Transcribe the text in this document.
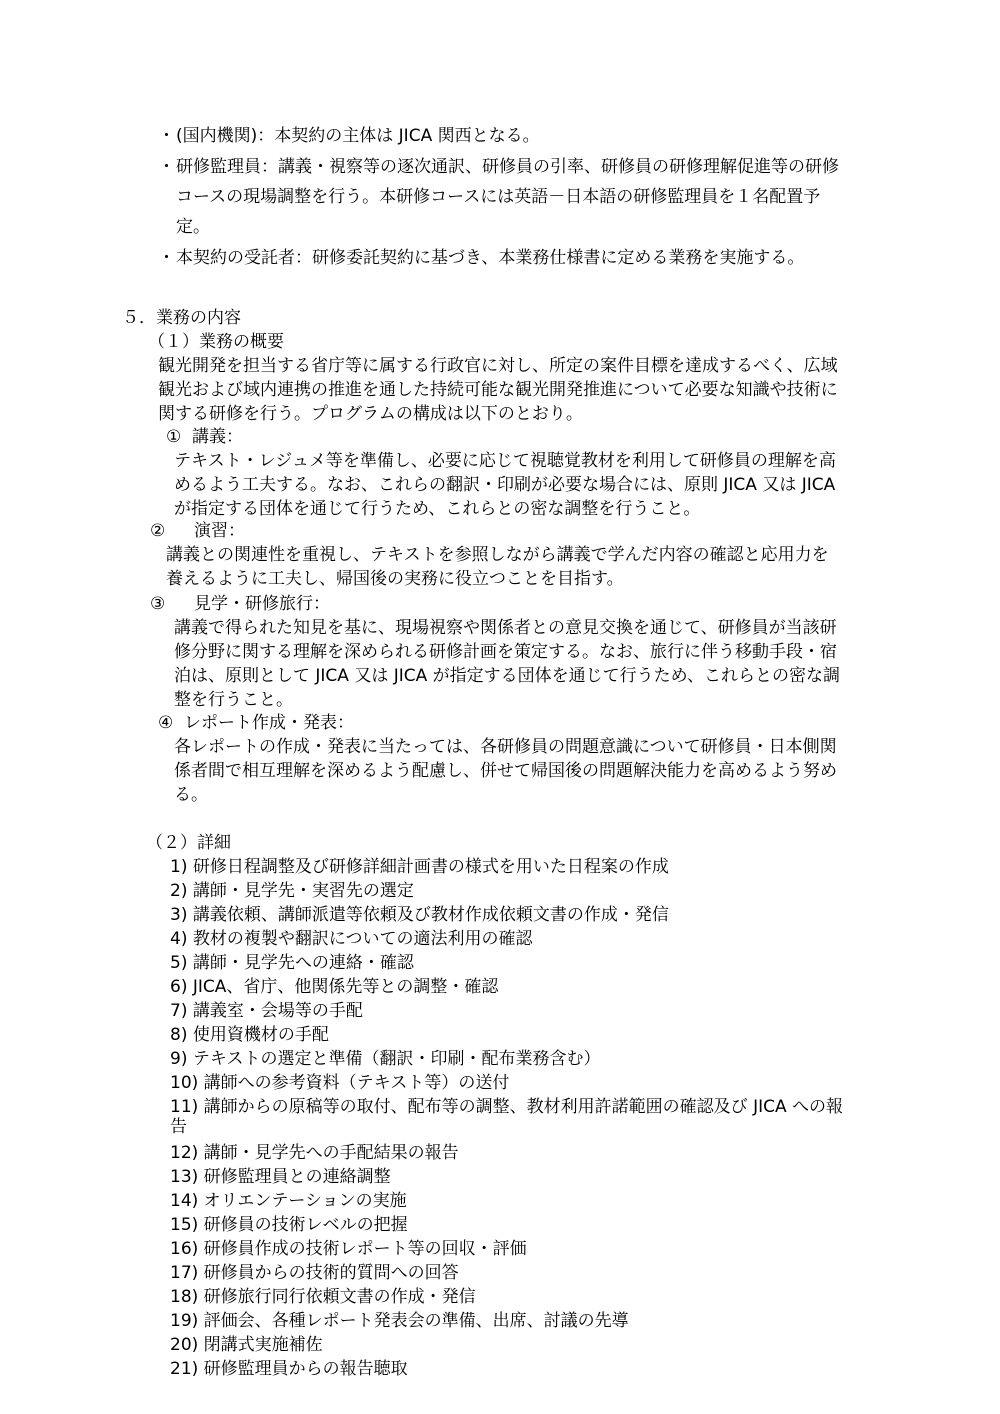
・ (国内機関)：本契約の主体は JICA 関西となる。
・ 研修監理員：講義・視察等の逐次通訳、研修員の引率、研修員の研修理解促進等の研修
コースの現場調整を行う。本研修コースには英語－日本語の研修監理員を１名配置予
定。
・ 本契約の受託者：研修委託契約に基づき、本業務仕様書に定める業務を実施する。
５．業務の内容
（１）業務の概要
観光開発を担当する省庁等に属する行政官に対し、所定の案件目標を達成するべく、広域
観光および域内連携の推進を通した持続可能な観光開発推進について必要な知識や技術に
関する研修を行う。プログラムの構成は以下のとおり。
① 講義：
テキスト・レジュメ等を準備し、必要に応じて視聴覚教材を利用して研修員の理解を高
めるよう工夫する。なお、これらの翻訳・印刷が必要な場合には、原則 JICA 又は JICA
が指定する団体を通じて行うため、これらとの密な調整を行うこと。
② 演習：
講義との関連性を重視し、テキストを参照しながら講義で学んだ内容の確認と応用力を
養えるように工夫し、帰国後の実務に役立つことを目指す。
③ 見学・研修旅行：
講義で得られた知見を基に、現場視察や関係者との意見交換を通じて、研修員が当該研
修分野に関する理解を深められる研修計画を策定する。なお、旅行に伴う移動手段・宿
泊は、原則として JICA 又は JICA が指定する団体を通じて行うため、これらとの密な調
整を行うこと。
④ レポート作成・発表：
各レポートの作成・発表に当たっては、各研修員の問題意識について研修員・日本側関
係者間で相互理解を深めるよう配慮し、併せて帰国後の問題解決能力を高めるよう努め
る。
（２）詳細
1) 研修日程調整及び研修詳細計画書の様式を用いた日程案の作成
2) 講師・見学先・実習先の選定
3) 講義依頼、講師派遣等依頼及び教材作成依頼文書の作成・発信
4) 教材の複製や翻訳についての適法利用の確認
5) 講師・見学先への連絡・確認
6) JICA、省庁、他関係先等との調整・確認
7) 講義室・会場等の手配
8) 使用資機材の手配
9) テキストの選定と準備（翻訳・印刷・配布業務含む）
10) 講師への参考資料（テキスト等）の送付
11) 講師からの原稿等の取付、配布等の調整、教材利用許諾範囲の確認及び JICA への報
告
12) 講師・見学先への手配結果の報告
13) 研修監理員との連絡調整
14) オリエンテーションの実施
15) 研修員の技術レベルの把握
16) 研修員作成の技術レポート等の回収・評価
17) 研修員からの技術的質問への回答
18) 研修旅行同行依頼文書の作成・発信
19) 評価会、各種レポート発表会の準備、出席、討議の先導
20) 閉講式実施補佐
21) 研修監理員からの報告聴取
